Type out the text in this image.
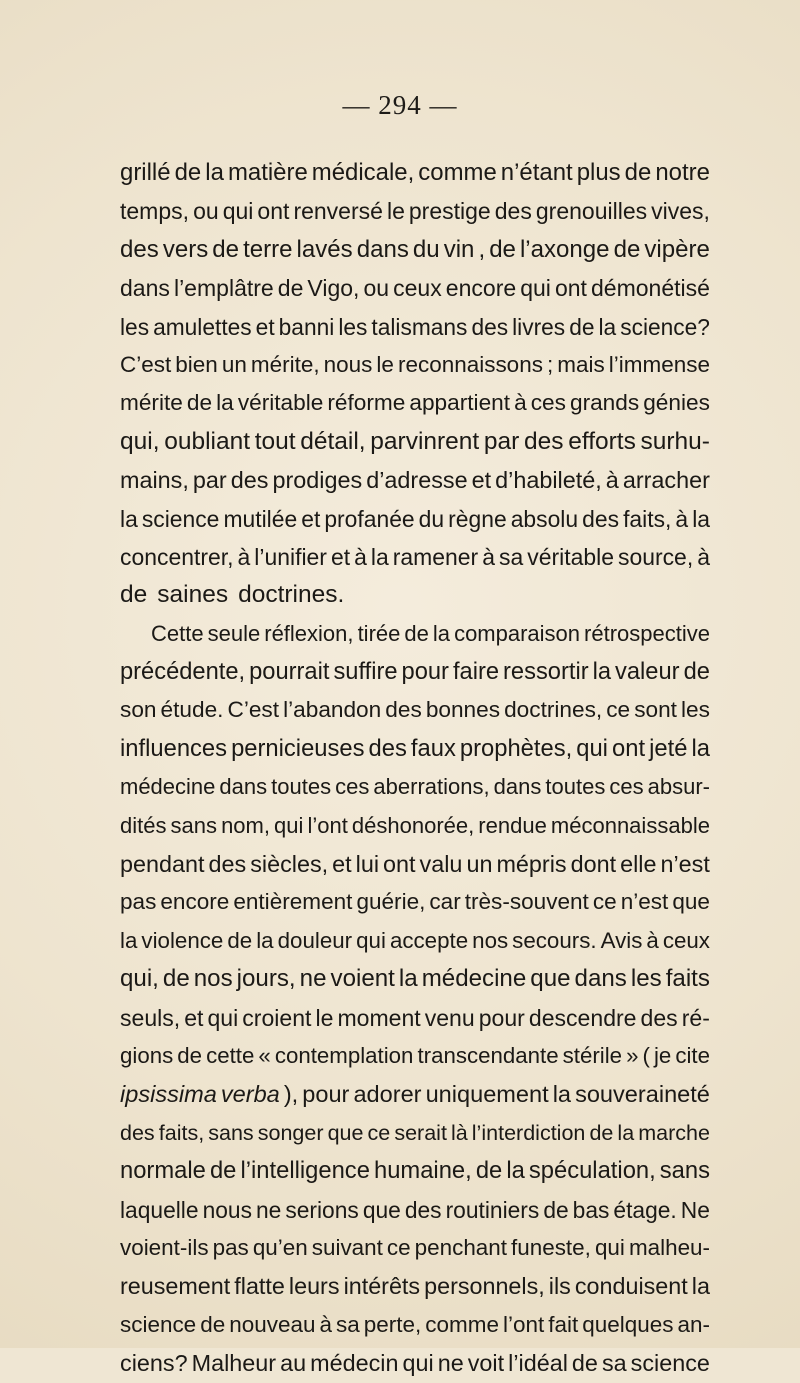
— 294 —
grillé de la matière médicale, comme n’étant plus de notre
temps, ou qui ont renversé le prestige des grenouilles vives,
des vers de terre lavés dans du vin , de l’axonge de vipère
dans l’emplâtre de Vigo, ou ceux encore qui ont démonétisé
les amulettes et banni les talismans des livres de la science?
C’est bien un mérite, nous le reconnaissons ; mais l’immense
mérite de la véritable réforme appartient à ces grands génies
qui, oubliant tout détail, parvinrent par des efforts surhu-
mains, par des prodiges d’adresse et d’habileté, à arracher
la science mutilée et profanée du règne absolu des faits, à la
concentrer, à l’unifier et à la ramener à sa véritable source, à
de saines doctrines.
Cette seule réflexion, tirée de la comparaison rétrospective
précédente, pourrait suffire pour faire ressortir la valeur de
son étude. C’est l’abandon des bonnes doctrines, ce sont les
influences pernicieuses des faux prophètes, qui ont jeté la
médecine dans toutes ces aberrations, dans toutes ces absur-
dités sans nom, qui l’ont déshonorée, rendue méconnaissable
pendant des siècles, et lui ont valu un mépris dont elle n’est
pas encore entièrement guérie, car très-souvent ce n’est que
la violence de la douleur qui accepte nos secours. Avis à ceux
qui, de nos jours, ne voient la médecine que dans les faits
seuls, et qui croient le moment venu pour descendre des ré-
gions de cette « contemplation transcendante stérile » ( je cite
ipsissima verba ), pour adorer uniquement la souveraineté
des faits, sans songer que ce serait là l’interdiction de la marche
normale de l’intelligence humaine, de la spéculation, sans
laquelle nous ne serions que des routiniers de bas étage. Ne
voient-ils pas qu’en suivant ce penchant funeste, qui malheu-
reusement flatte leurs intérêts personnels, ils conduisent la
science de nouveau à sa perte, comme l’ont fait quelques an-
ciens? Malheur au médecin qui ne voit l’idéal de sa science
